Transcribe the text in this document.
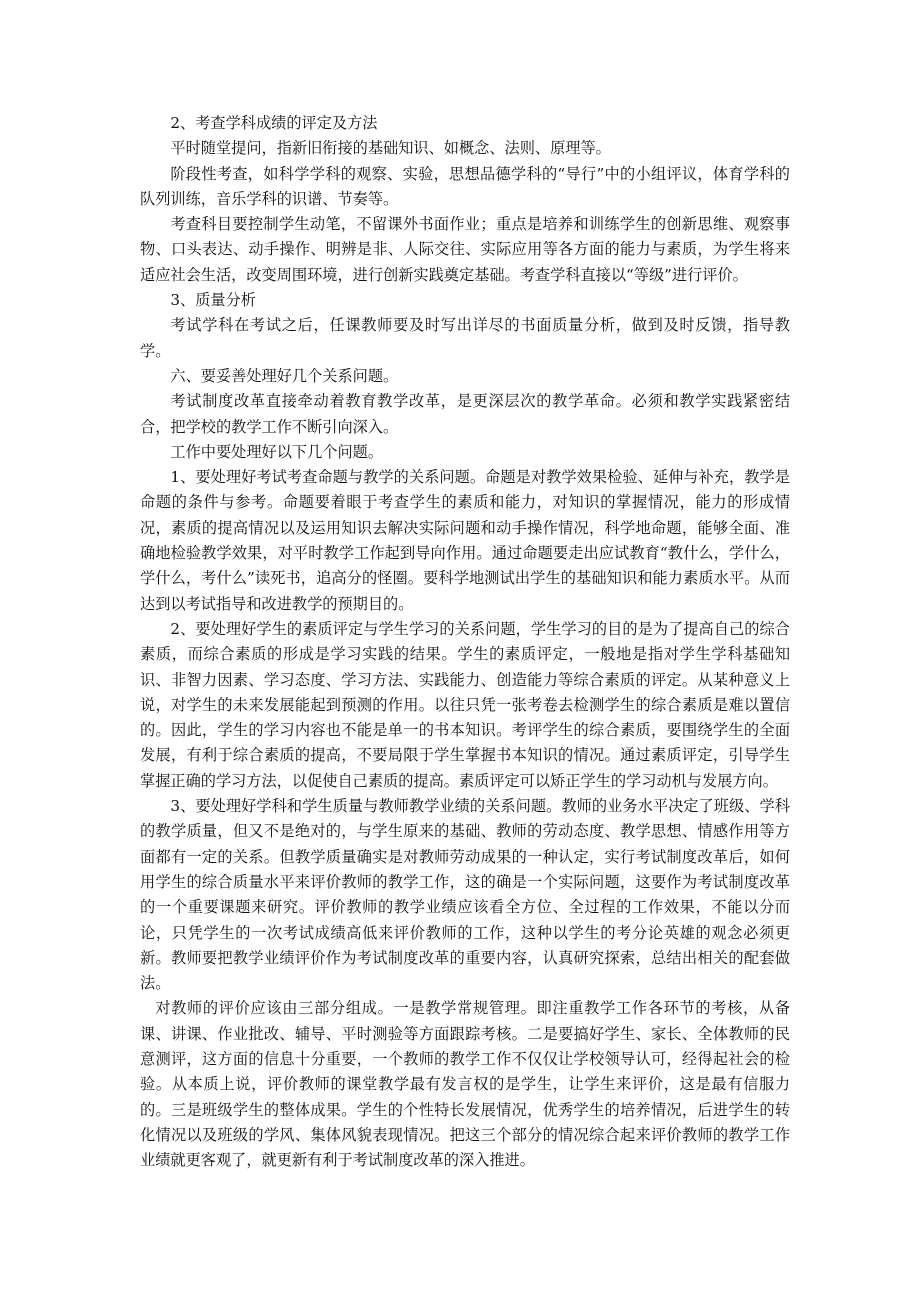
2、考查学科成绩的评定及方法

平时随堂提问，指新旧衔接的基础知识、如概念、法则、原理等。

阶段性考查，如科学学科的观察、实验，思想品德学科的“导行”中的小组评议，体育学科的队列训练，音乐学科的识谱、节奏等。

考查科目要控制学生动笔，不留课外书面作业；重点是培养和训练学生的创新思维、观察事物、口头表达、动手操作、明辨是非、人际交往、实际应用等各方面的能力与素质，为学生将来适应社会生活，改变周围环境，进行创新实践奠定基础。考查学科直接以“等级”进行评价。

3、质量分析

考试学科在考试之后，任课教师要及时写出详尽的书面质量分析，做到及时反馈，指导教学。

六、要妥善处理好几个关系问题。

考试制度改革直接牵动着教育教学改革，是更深层次的教学革命。必须和教学实践紧密结合，把学校的教学工作不断引向深入。

工作中要处理好以下几个问题。

1、要处理好考试考查命题与教学的关系问题。命题是对教学效果检验、延伸与补充，教学是命题的条件与参考。命题要着眼于考查学生的素质和能力，对知识的掌握情况，能力的形成情况，素质的提高情况以及运用知识去解决实际问题和动手操作情况，科学地命题，能够全面、准确地检验教学效果，对平时教学工作起到导向作用。通过命题要走出应试教育“教什么，学什么，学什么，考什么”读死书，追高分的怪圈。要科学地测试出学生的基础知识和能力素质水平。从而达到以考试指导和改进教学的预期目的。

2、要处理好学生的素质评定与学生学习的关系问题，学生学习的目的是为了提高自己的综合素质，而综合素质的形成是学习实践的结果。学生的素质评定，一般地是指对学生学科基础知识、非智力因素、学习态度、学习方法、实践能力、创造能力等综合素质的评定。从某种意义上说，对学生的未来发展能起到预测的作用。以往只凭一张考卷去检测学生的综合素质是难以置信的。因此，学生的学习内容也不能是单一的书本知识。考评学生的综合素质，要围绕学生的全面发展，有利于综合素质的提高，不要局限于学生掌握书本知识的情况。通过素质评定，引导学生掌握正确的学习方法，以促使自己素质的提高。素质评定可以矫正学生的学习动机与发展方向。

3、要处理好学科和学生质量与教师教学业绩的关系问题。教师的业务水平决定了班级、学科的教学质量，但又不是绝对的，与学生原来的基础、教师的劳动态度、教学思想、情感作用等方面都有一定的关系。但教学质量确实是对教师劳动成果的一种认定，实行考试制度改革后，如何用学生的综合质量水平来评价教师的教学工作，这的确是一个实际问题，这要作为考试制度改革的一个重要课题来研究。评价教师的教学业绩应该看全方位、全过程的工作效果，不能以分而论，只凭学生的一次考试成绩高低来评价教师的工作，这种以学生的考分论英雄的观念必须更新。教师要把教学业绩评价作为考试制度改革的重要内容，认真研究探索，总结出相关的配套做法。

对教师的评价应该由三部分组成。一是教学常规管理。即注重教学工作各环节的考核，从备课、讲课、作业批改、辅导、平时测验等方面跟踪考核。二是要搞好学生、家长、全体教师的民意测评，这方面的信息十分重要，一个教师的教学工作不仅仅让学校领导认可，经得起社会的检验。从本质上说，评价教师的课堂教学最有发言权的是学生，让学生来评价，这是最有信服力的。三是班级学生的整体成果。学生的个性特长发展情况，优秀学生的培养情况，后进学生的转化情况以及班级的学风、集体风貌表现情况。把这三个部分的情况综合起来评价教师的教学工作业绩就更客观了，就更新有利于考试制度改革的深入推进。
